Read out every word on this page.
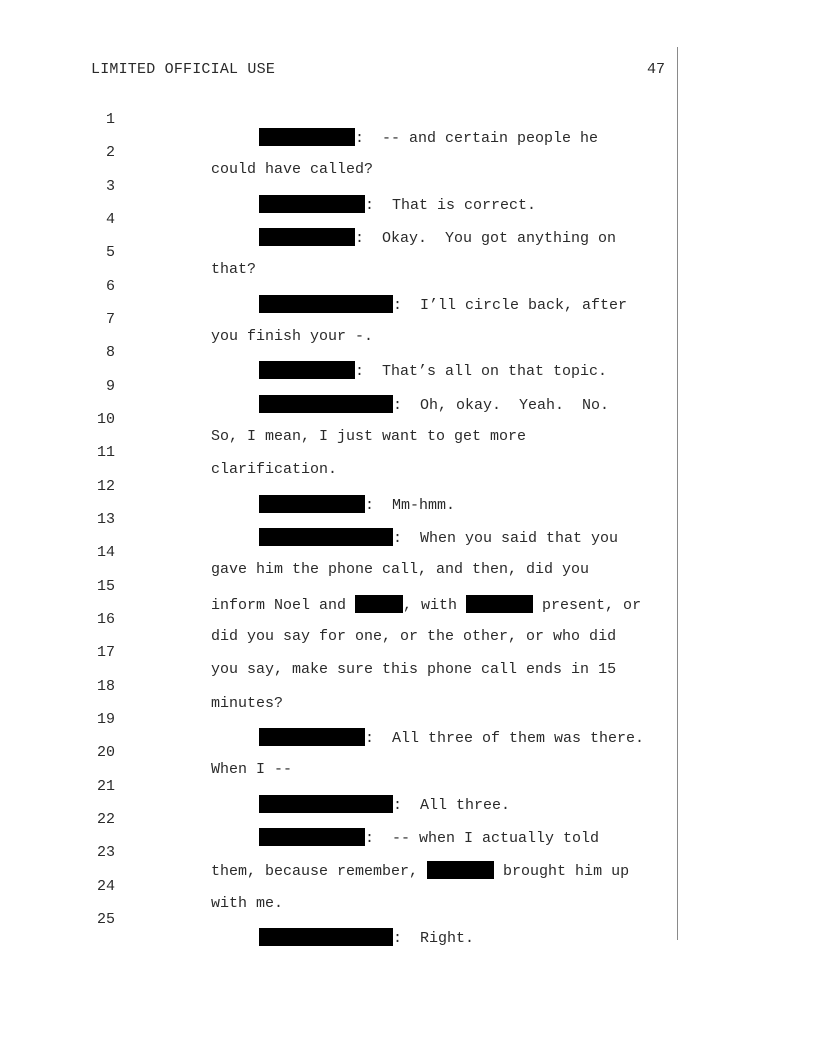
LIMITED OFFICIAL USE	47

1

:  -- and certain people he

2

could have called?

3

:  That is correct.

4

:  Okay.  You got anything on

5

that?

6

:  I’ll circle back, after

7

you finish your -.

8

:  That’s all on that topic.

9

:  Oh, okay.  Yeah.  No.

10

So, I mean, I just want to get more

11

clarification.

12

:  Mm-hmm.

13

:  When you said that you

14

gave him the phone call, and then, did you

15

inform Noel and	, with	present, or

16

did you say for one, or the other, or who did

17

you say, make sure this phone call ends in 15

18

minutes?

19

:  All three of them was there.

20

When I --

21

:  All three.

22

:  -- when I actually told

23

them, because remember,	brought him up

24

with me.

25

:  Right.
